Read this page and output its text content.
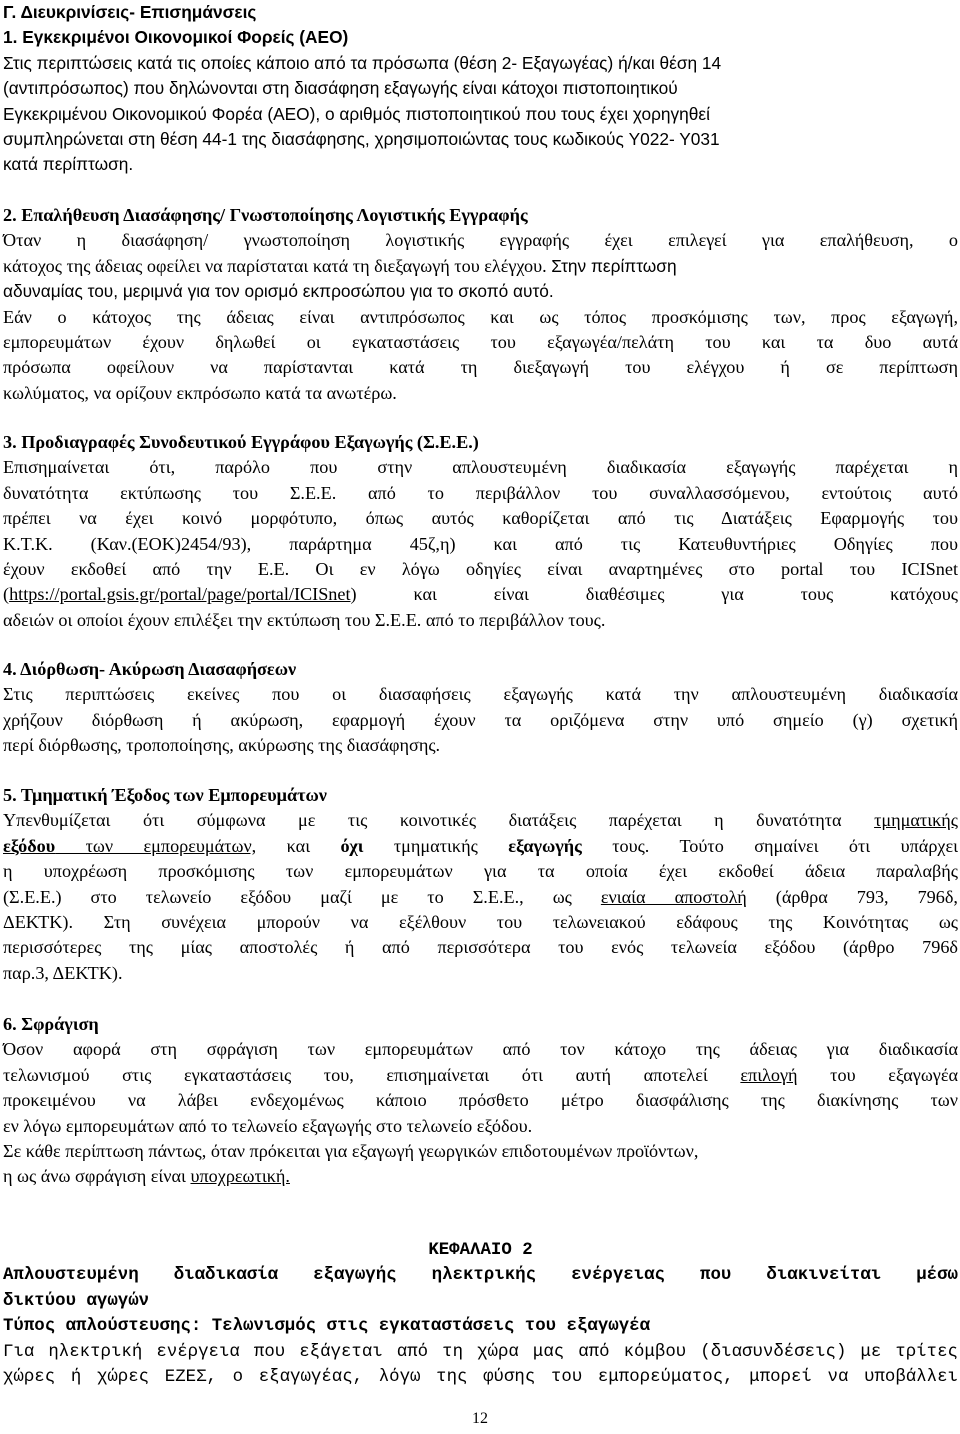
Γ. Διευκρινίσεις- Επισημάνσεις
1. Εγκεκριμένοι Οικονομικοί Φορείς (ΑΕΟ)
Στις περιπτώσεις κατά τις οποίες κάποιο από τα πρόσωπα (θέση 2- Εξαγωγέας) ή/και θέση 14
(αντιπρόσωπος) που δηλώνονται στη διασάφηση εξαγωγής είναι κάτοχοι πιστοποιητικού
Εγκεκριμένου Οικονομικού Φορέα (ΑΕΟ), ο αριθμός πιστοποιητικού που τους έχει χορηγηθεί
συμπληρώνεται στη θέση 44-1 της διασάφησης, χρησιμοποιώντας τους κωδικούς Y022- Y031
κατά περίπτωση.
2. Επαλήθευση Διασάφησης/ Γνωστοποίησης Λογιστικής Εγγραφής
Όταν η διασάφηση/ γνωστοποίηση λογιστικής εγγραφής έχει επιλεγεί για επαλήθευση, ο
κάτοχος της άδειας οφείλει να παρίσταται κατά τη διεξαγωγή του ελέγχου. Στην περίπτωση
αδυναμίας του, μεριμνά για τον ορισμό εκπροσώπου για το σκοπό αυτό.
Εάν ο κάτοχος της άδειας είναι αντιπρόσωπος και ως τόπος προσκόμισης των, προς εξαγωγή,
εμπορευμάτων έχουν δηλωθεί οι εγκαταστάσεις του εξαγωγέα/πελάτη του και τα δυο αυτά
πρόσωπα οφείλουν να παρίστανται κατά τη διεξαγωγή του ελέγχου ή σε περίπτωση
κωλύματος, να ορίζουν εκπρόσωπο κατά τα ανωτέρω.
3. Προδιαγραφές Συνοδευτικού Εγγράφου Εξαγωγής (Σ.Ε.Ε.)
Επισημαίνεται ότι, παρόλο που στην απλουστευμένη διαδικασία εξαγωγής παρέχεται η
δυνατότητα εκτύπωσης του Σ.Ε.Ε. από το περιβάλλον του συναλλασσόμενου, εντούτοις αυτό
πρέπει να έχει κοινό μορφότυπο, όπως αυτός καθορίζεται από τις Διατάξεις Εφαρμογής του
Κ.Τ.Κ. (Καν.(ΕΟΚ)2454/93), παράρτημα 45ζ,η) και από τις Κατευθυντήριες Οδηγίες που
έχουν εκδοθεί από την Ε.Ε. Οι εν λόγω οδηγίες είναι αναρτημένες στο portal του ICISnet
(https://portal.gsis.gr/portal/page/portal/ICISnet) και είναι διαθέσιμες για τους κατόχους
αδειών οι οποίοι έχουν επιλέξει την εκτύπωση του Σ.Ε.Ε. από το περιβάλλον τους.
4. Διόρθωση- Ακύρωση Διασαφήσεων
Στις περιπτώσεις εκείνες που οι διασαφήσεις εξαγωγής κατά την απλουστευμένη διαδικασία
χρήζουν διόρθωση ή ακύρωση, εφαρμογή έχουν τα οριζόμενα στην υπό σημείο (γ) σχετική
περί διόρθωσης, τροποποίησης, ακύρωσης της διασάφησης.
5. Τμηματική Έξοδος των Εμπορευμάτων
Υπενθυμίζεται ότι σύμφωνα με τις κοινοτικές διατάξεις παρέχεται η δυνατότητα τμηματικής
εξόδου των εμπορευμάτων, και όχι τμηματικής εξαγωγής τους. Τούτο σημαίνει ότι υπάρχει
η υποχρέωση προσκόμισης των εμπορευμάτων για τα οποία έχει εκδοθεί άδεια παραλαβής
(Σ.Ε.Ε.) στο τελωνείο εξόδου μαζί με το Σ.Ε.Ε., ως ενιαία αποστολή (άρθρα 793, 796δ,
ΔΕΚΤΚ). Στη συνέχεια μπορούν να εξέλθουν του τελωνειακού εδάφους της Κοινότητας ως
περισσότερες της μίας αποστολές ή από περισσότερα του ενός τελωνεία εξόδου (άρθρο 796δ
παρ.3, ΔΕΚΤΚ).
6. Σφράγιση
Όσον αφορά στη σφράγιση των εμπορευμάτων από τον κάτοχο της άδειας για διαδικασία
τελωνισμού στις εγκαταστάσεις του, επισημαίνεται ότι αυτή αποτελεί επιλογή του εξαγωγέα
προκειμένου να λάβει ενδεχομένως κάποιο πρόσθετο μέτρο διασφάλισης της διακίνησης των
εν λόγω εμπορευμάτων από το τελωνείο εξαγωγής στο τελωνείο εξόδου.
Σε κάθε περίπτωση πάντως, όταν πρόκειται για εξαγωγή γεωργικών επιδοτουμένων προϊόντων,
η ως άνω σφράγιση είναι υποχρεωτική.
ΚΕΦΑΛΑΙΟ 2
Απλουστευμένη διαδικασία εξαγωγής ηλεκτρικής ενέργειας που διακινείται μέσω
δικτύου αγωγών
Τύπος απλούστευσης: Τελωνισμός στις εγκαταστάσεις του εξαγωγέα
Για ηλεκτρική ενέργεια που εξάγεται από τη χώρα μας από κόμβου (διασυνδέσεις) με τρίτες
χώρες ή χώρες ΕΖΕΣ, ο εξαγωγέας, λόγω της φύσης του εμπορεύματος, μπορεί να υποβάλλει
12
